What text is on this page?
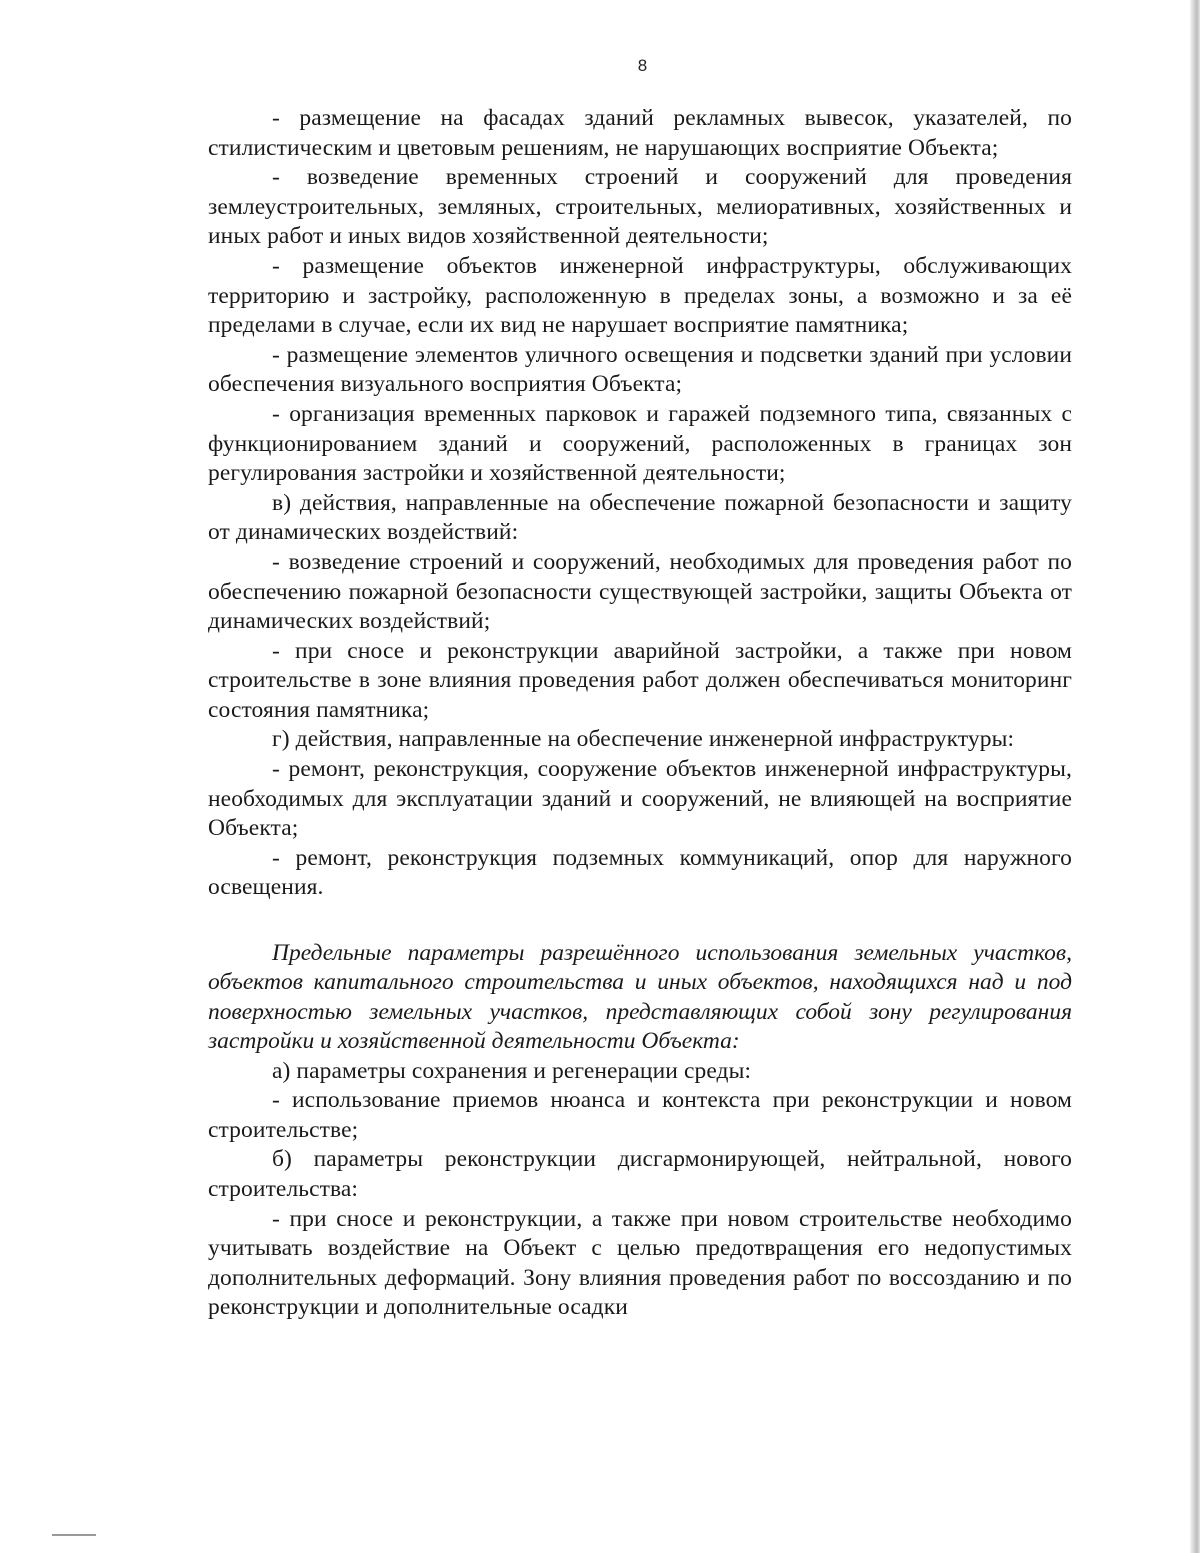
8

- размещение на фасадах зданий рекламных вывесок, указателей, по стилистическим и цветовым решениям, не нарушающих восприятие Объекта;

- возведение временных строений и сооружений для проведения землеустроительных, земляных, строительных, мелиоративных, хозяйственных и иных работ и иных видов хозяйственной деятельности;

- размещение объектов инженерной инфраструктуры, обслуживающих территорию и застройку, расположенную в пределах зоны, а возможно и за её пределами в случае, если их вид не нарушает восприятие памятника;

- размещение элементов уличного освещения и подсветки зданий при условии обеспечения визуального восприятия Объекта;

- организация временных парковок и гаражей подземного типа, связанных с функционированием зданий и сооружений, расположенных в границах зон регулирования застройки и хозяйственной деятельности;

в) действия, направленные на обеспечение пожарной безопасности и защиту от динамических воздействий:

- возведение строений и сооружений, необходимых для проведения работ по обеспечению пожарной безопасности существующей застройки, защиты Объекта от динамических воздействий;

- при сносе и реконструкции аварийной застройки, а также при новом строительстве в зоне влияния проведения работ должен обеспечиваться мониторинг состояния памятника;

г) действия, направленные на обеспечение инженерной инфраструктуры:

- ремонт, реконструкция, сооружение объектов инженерной инфраструктуры, необходимых для эксплуатации зданий и сооружений, не влияющей на восприятие Объекта;

- ремонт, реконструкция подземных коммуникаций, опор для наружного освещения.

Предельные параметры разрешённого использования земельных участков, объектов капитального строительства и иных объектов, находящихся над и под поверхностью земельных участков, представляющих собой зону регулирования застройки и хозяйственной деятельности Объекта:

а) параметры сохранения и регенерации среды:

- использование приемов нюанса и контекста при реконструкции и новом строительстве;

б) параметры реконструкции дисгармонирующей, нейтральной, нового строительства:

- при сносе и реконструкции, а также при новом строительстве необходимо учитывать воздействие на Объект с целью предотвращения его недопустимых дополнительных деформаций. Зону влияния проведения работ по воссозданию и по реконструкции и дополнительные осадки
